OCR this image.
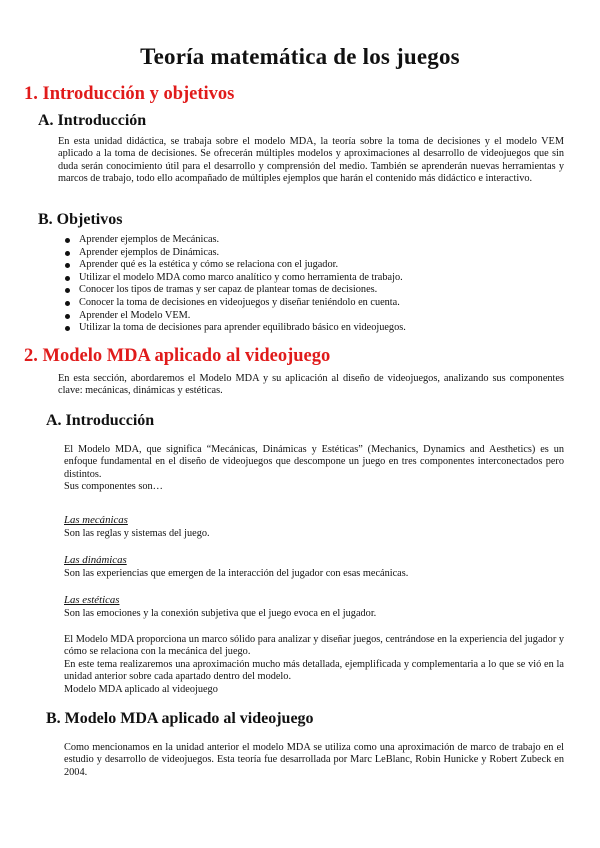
Teoría matemática de los juegos
1. Introducción y objetivos
A. Introducción
En esta unidad didáctica, se trabaja sobre el modelo MDA, la teoría sobre la toma de decisiones y el modelo VEM aplicado a la toma de decisiones. Se ofrecerán múltiples modelos y aproximaciones al desarrollo de videojuegos que sin duda serán conocimiento útil para el desarrollo y comprensión del medio. También se aprenderán nuevas herramientas y marcos de trabajo, todo ello acompañado de múltiples ejemplos que harán el contenido más didáctico e interactivo.
B. Objetivos
Aprender ejemplos de Mecánicas.
Aprender ejemplos de Dinámicas.
Aprender qué es la estética y cómo se relaciona con el jugador.
Utilizar el modelo MDA como marco analítico y como herramienta de trabajo.
Conocer los tipos de tramas y ser capaz de plantear tomas de decisiones.
Conocer la toma de decisiones en videojuegos y diseñar teniéndolo en cuenta.
Aprender el Modelo VEM.
Utilizar la toma de decisiones para aprender equilibrado básico en videojuegos.
2. Modelo MDA aplicado al videojuego
En esta sección, abordaremos el Modelo MDA y su aplicación al diseño de videojuegos, analizando sus componentes clave: mecánicas, dinámicas y estéticas.
A. Introducción
El Modelo MDA, que significa “Mecánicas, Dinámicas y Estéticas” (Mechanics, Dynamics and Aesthetics) es un enfoque fundamental en el diseño de videojuegos que descompone un juego en tres componentes interconectados pero distintos.
Sus componentes son…
Las mecánicas
Son las reglas y sistemas del juego.
Las dinámicas
Son las experiencias que emergen de la interacción del jugador con esas mecánicas.
Las estéticas
Son las emociones y la conexión subjetiva que el juego evoca en el jugador.
El Modelo MDA proporciona un marco sólido para analizar y diseñar juegos, centrándose en la experiencia del jugador y cómo se relaciona con la mecánica del juego.
En este tema realizaremos una aproximación mucho más detallada, ejemplificada y complementaria a lo que se vió en la unidad anterior sobre cada apartado dentro del modelo.
Modelo MDA aplicado al videojuego
B. Modelo MDA aplicado al videojuego
Como mencionamos en la unidad anterior el modelo MDA se utiliza como una aproximación de marco de trabajo en el estudio y desarrollo de videojuegos. Esta teoría fue desarrollada por Marc LeBlanc, Robin Hunicke y Robert Zubeck en 2004.
